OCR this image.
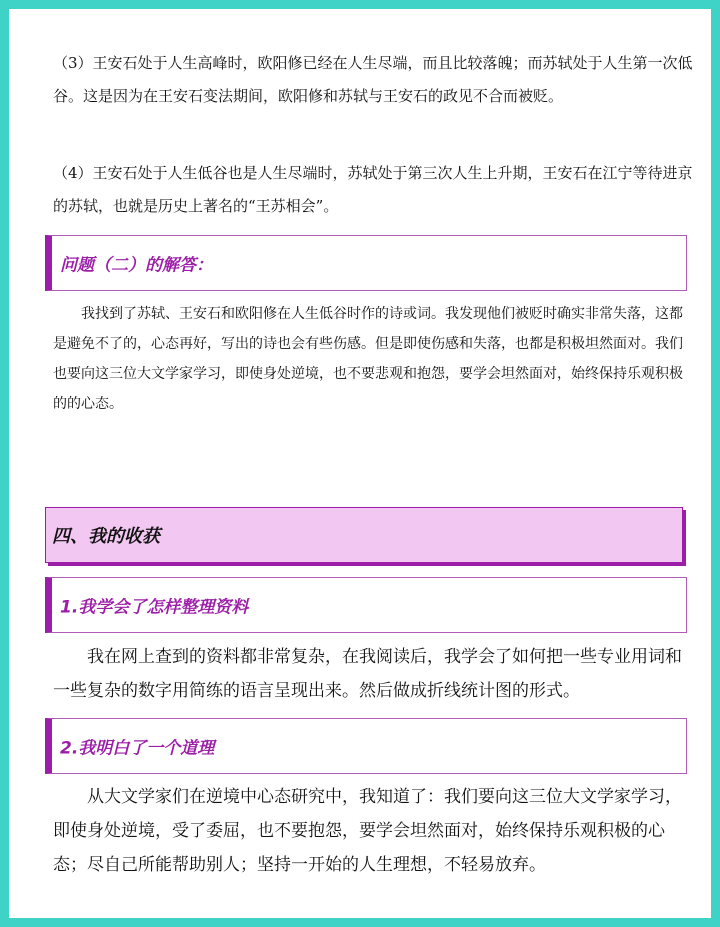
（3）王安石处于人生高峰时，欧阳修已经在人生尽端，而且比较落魄；而苏轼处于人生第一次低谷。这是因为在王安石变法期间，欧阳修和苏轼与王安石的政见不合而被贬。

（4）王安石处于人生低谷也是人生尽端时，苏轼处于第三次人生上升期，王安石在江宁等待进京的苏轼，也就是历史上著名的“王苏相会”。

问题（二）的解答：

我找到了苏轼、王安石和欧阳修在人生低谷时作的诗或词。我发现他们被贬时确实非常失落，这都是避免不了的，心态再好，写出的诗也会有些伤感。但是即使伤感和失落，也都是积极坦然面对。我们也要向这三位大文学家学习，即使身处逆境，也不要悲观和抱怨，要学会坦然面对，始终保持乐观积极的的心态。

四、我的收获
1.我学会了怎样整理资料

我在网上查到的资料都非常复杂，在我阅读后，我学会了如何把一些专业用词和一些复杂的数字用简练的语言呈现出来。然后做成折线统计图的形式。

2.我明白了一个道理

从大文学家们在逆境中心态研究中，我知道了：我们要向这三位大文学家学习，即使身处逆境，受了委屈，也不要抱怨，要学会坦然面对，始终保持乐观积极的心态；尽自己所能帮助别人；坚持一开始的人生理想，不轻易放弃。
